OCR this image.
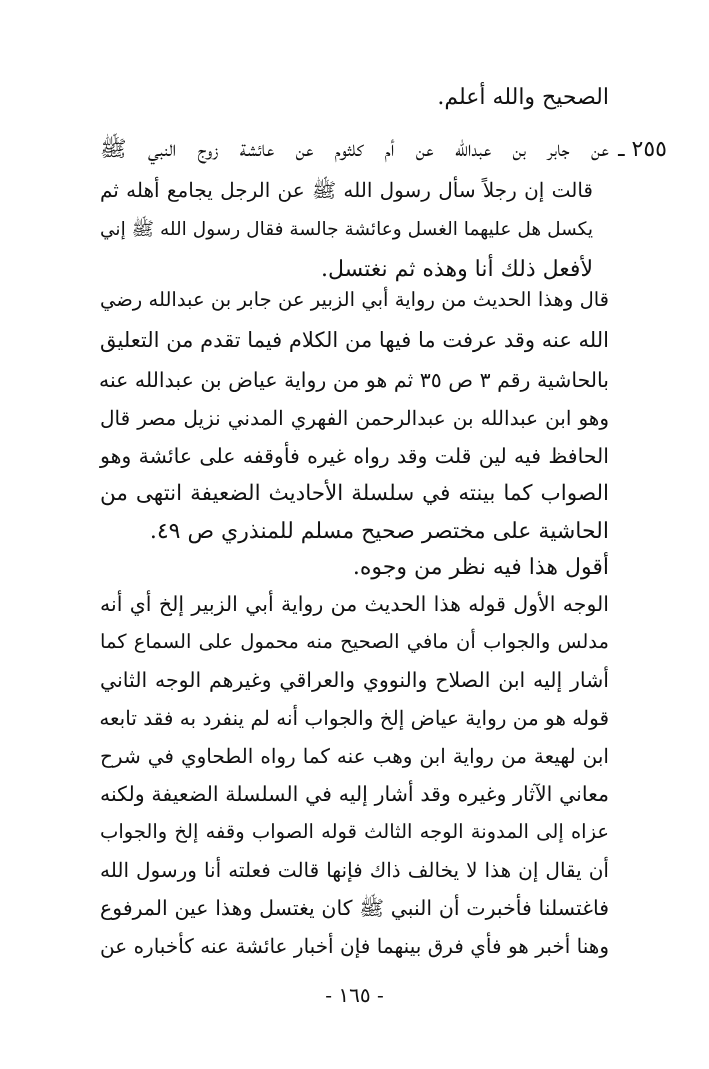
الصحيح والله أعلم.
٢٥٥ ـ
عن جابر بن عبدالله عن أم كلثوم عن عائشة زوج النبي ﷺ
قالت إن رجلاً سأل رسول الله ﷺ عن الرجل يجامع أهله ثم
يكسل هل عليهما الغسل وعائشة جالسة فقال رسول الله ﷺ إني
لأفعل ذلك أنا وهذه ثم نغتسل.
قال وهذا الحديث من رواية أبي الزبير عن جابر بن عبدالله رضي
الله عنه وقد عرفت ما فيها من الكلام فيما تقدم من التعليق
بالحاشية رقم ٣ ص ٣٥ ثم هو من رواية عياض بن عبدالله عنه
وهو ابن عبدالله بن عبدالرحمن الفهري المدني نزيل مصر قال
الحافظ فيه لين قلت وقد رواه غيره فأوقفه على عائشة وهو
الصواب كما بينته في سلسلة الأحاديث الضعيفة انتهى من
الحاشية على مختصر صحيح مسلم للمنذري ص ٤٩.
أقول هذا فيه نظر من وجوه.
الوجه الأول قوله هذا الحديث من رواية أبي الزبير إلخ أي أنه
مدلس والجواب أن مافي الصحيح منه محمول على السماع كما
أشار إليه ابن الصلاح والنووي والعراقي وغيرهم الوجه الثاني
قوله هو من رواية عياض إلخ والجواب أنه لم ينفرد به فقد تابعه
ابن لهيعة من رواية ابن وهب عنه كما رواه الطحاوي في شرح
معاني الآثار وغيره وقد أشار إليه في السلسلة الضعيفة ولكنه
عزاه إلى المدونة الوجه الثالث قوله الصواب وقفه إلخ والجواب
أن يقال إن هذا لا يخالف ذاك فإنها قالت فعلته أنا ورسول الله
فاغتسلنا فأخبرت أن النبي ﷺ كان يغتسل وهذا عين المرفوع
وهنا أخبر هو فأي فرق بينهما فإن أخبار عائشة عنه كأخباره عن
- ١٦٥ -
